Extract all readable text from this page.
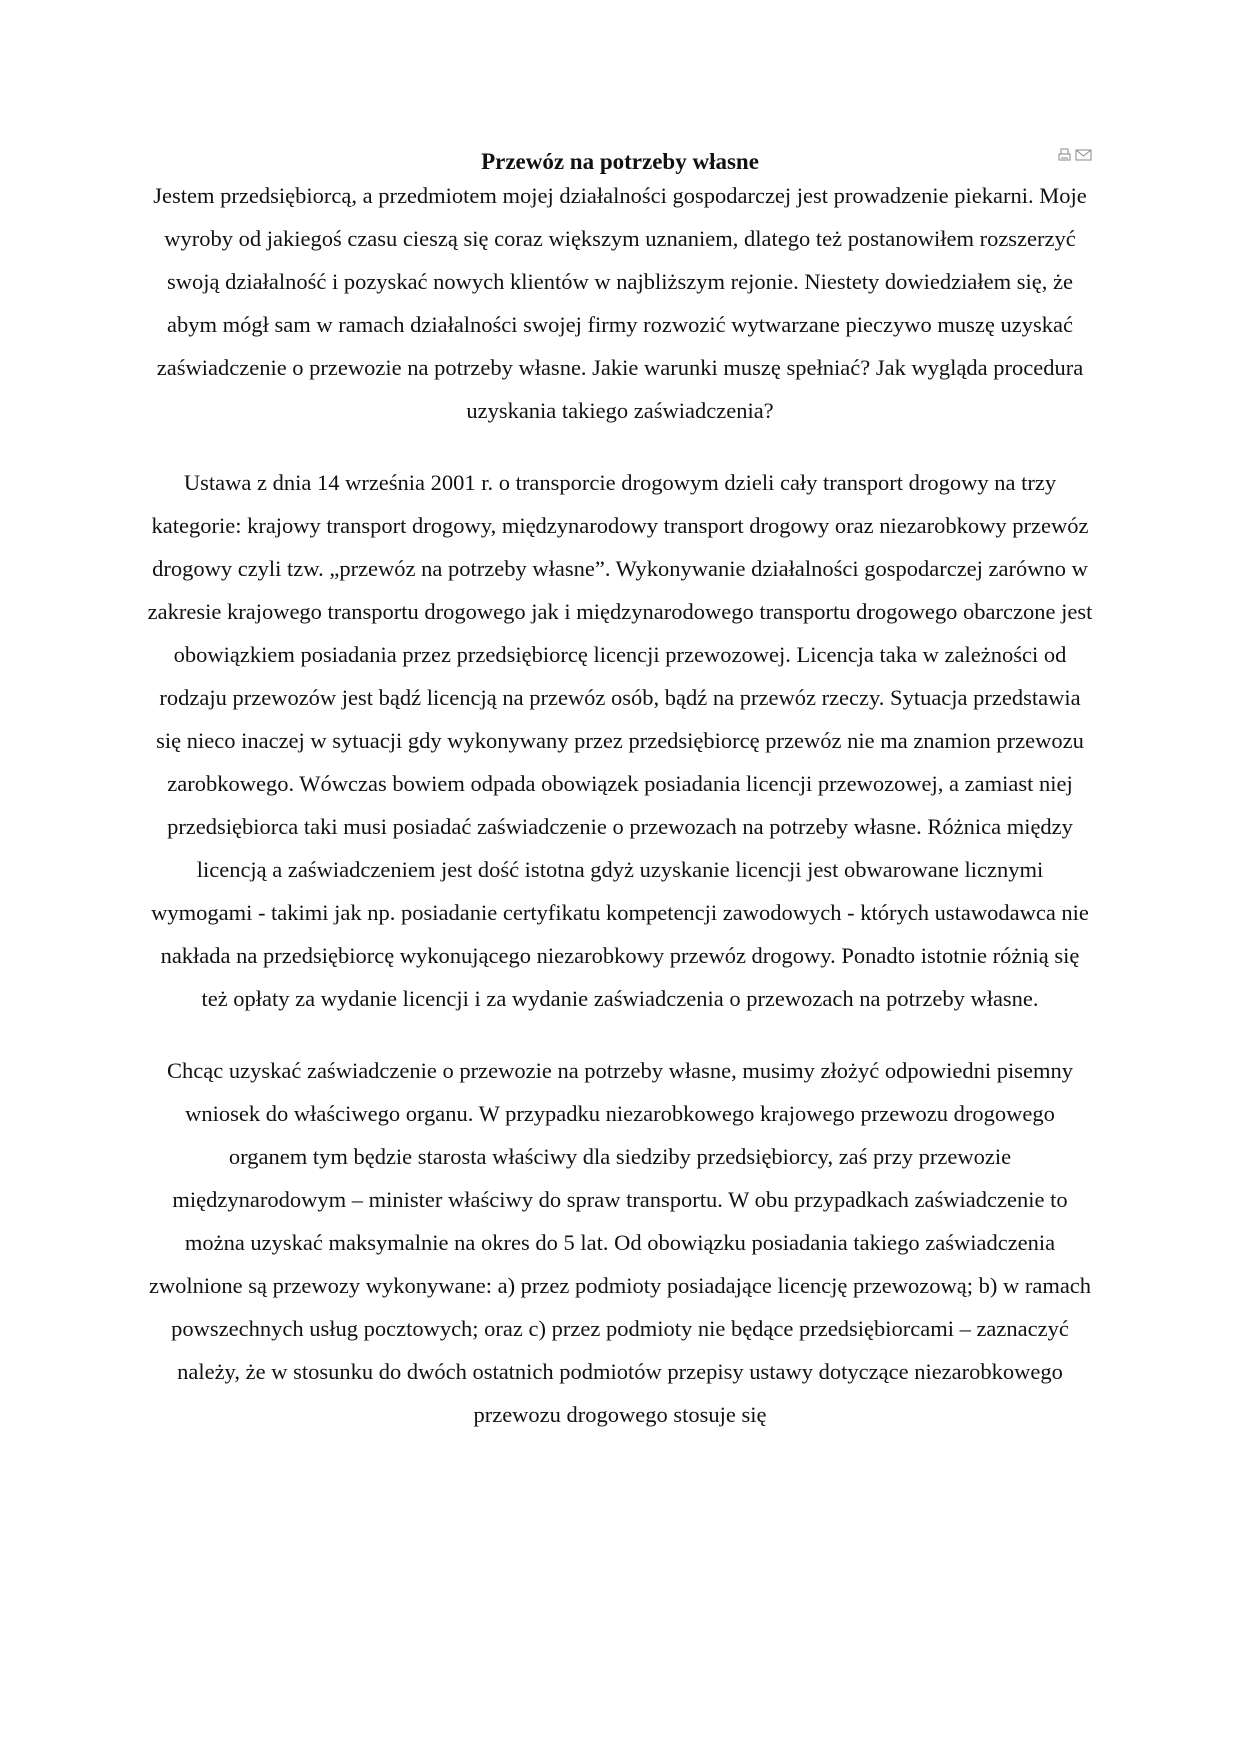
Przewóz na potrzeby własne

Jestem przedsiębiorcą, a przedmiotem mojej działalności gospodarczej jest prowadzenie piekarni. Moje wyroby od jakiegoś czasu cieszą się coraz większym uznaniem, dlatego też postanowiłem rozszerzyć swoją działalność i pozyskać nowych klientów w najbliższym rejonie. Niestety dowiedziałem się, że abym mógł sam w ramach działalności swojej firmy rozwozić wytwarzane pieczywo muszę uzyskać zaświadczenie o przewozie na potrzeby własne. Jakie warunki muszę spełniać? Jak wygląda procedura uzyskania takiego zaświadczenia?

Ustawa z dnia 14 września 2001 r. o transporcie drogowym dzieli cały transport drogowy na trzy kategorie: krajowy transport drogowy, międzynarodowy transport drogowy oraz niezarobkowy przewóz drogowy czyli tzw. „przewóz na potrzeby własne”. Wykonywanie działalności gospodarczej zarówno w zakresie krajowego transportu drogowego jak i międzynarodowego transportu drogowego obarczone jest obowiązkiem posiadania przez przedsiębiorcę licencji przewozowej. Licencja taka w zależności od rodzaju przewozów jest bądź licencją na przewóz osób, bądź na przewóz rzeczy. Sytuacja przedstawia się nieco inaczej w sytuacji gdy wykonywany przez przedsiębiorcę przewóz nie ma znamion przewozu zarobkowego. Wówczas bowiem odpada obowiązek posiadania licencji przewozowej, a zamiast niej przedsiębiorca taki musi posiadać zaświadczenie o przewozach na potrzeby własne. Różnica między licencją a zaświadczeniem jest dość istotna gdyż uzyskanie licencji jest obwarowane licznymi wymogami - takimi jak np. posiadanie certyfikatu kompetencji zawodowych - których ustawodawca nie nakłada na przedsiębiorcę wykonującego niezarobkowy przewóz drogowy. Ponadto istotnie różnią się też opłaty za wydanie licencji i za wydanie zaświadczenia o przewozach na potrzeby własne.

Chcąc uzyskać zaświadczenie o przewozie na potrzeby własne, musimy złożyć odpowiedni pisemny wniosek do właściwego organu. W przypadku niezarobkowego krajowego przewozu drogowego organem tym będzie starosta właściwy dla siedziby przedsiębiorcy, zaś przy przewozie międzynarodowym – minister właściwy do spraw transportu. W obu przypadkach zaświadczenie to można uzyskać maksymalnie na okres do 5 lat. Od obowiązku posiadania takiego zaświadczenia zwolnione są przewozy wykonywane: a) przez podmioty posiadające licencję przewozową; b) w ramach powszechnych usług pocztowych; oraz c) przez podmioty nie będące przedsiębiorcami – zaznaczyć należy, że w stosunku do dwóch ostatnich podmiotów przepisy ustawy dotyczące niezarobkowego przewozu drogowego stosuje się
